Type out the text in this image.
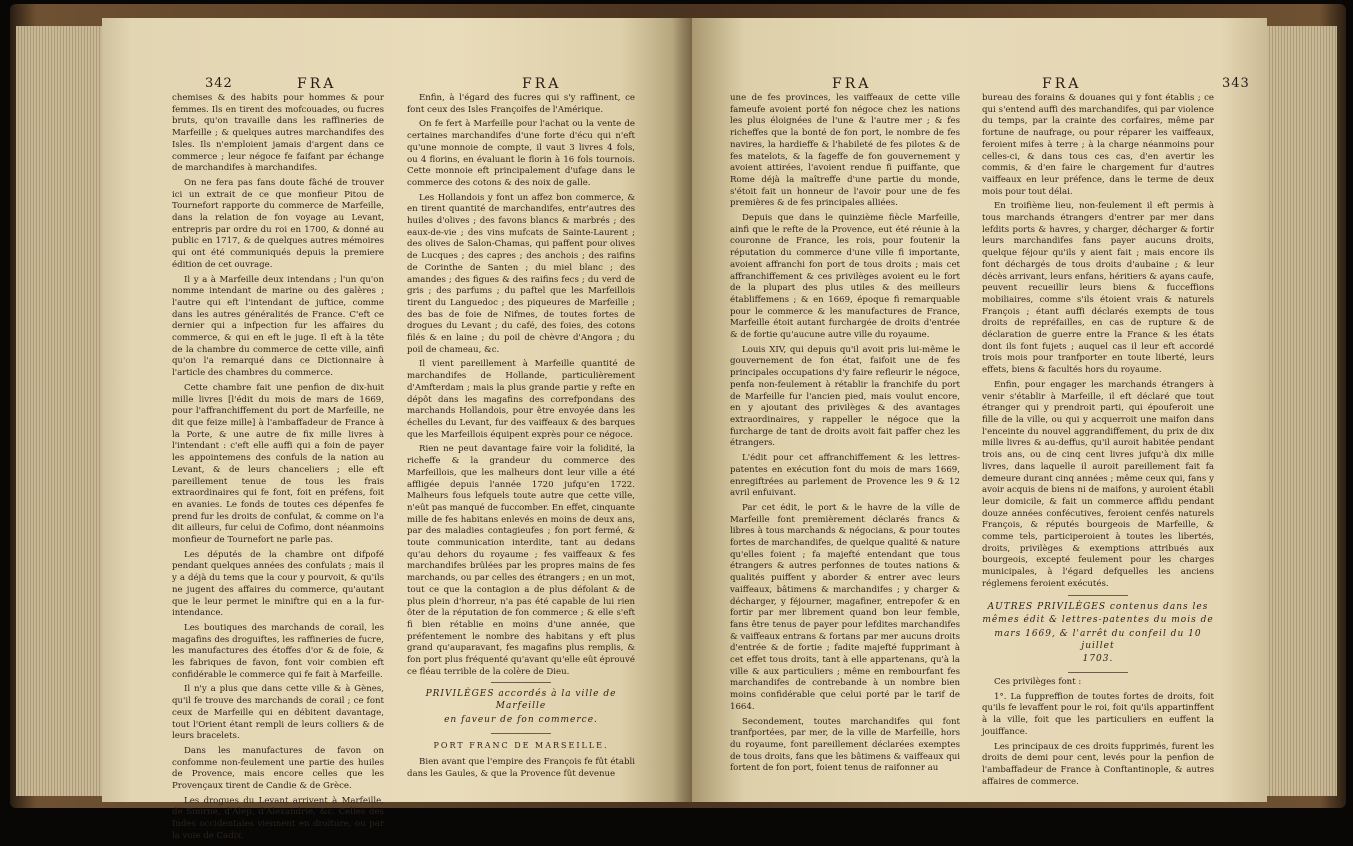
342	FRA	FRA

chemises & des habits pour hommes & pour femmes. Ils en tirent des mofcouades, ou fucres bruts, qu'on travaille dans les raffineries de Marfeille ; & quelques autres marchandifes des Isles. Ils n'emploient jamais d'argent dans ce commerce ; leur négoce fe faifant par échange de marchandifes à marchandifes.

On ne fera pas fans doute fâché de trouver ici un extrait de ce que monfieur Pitou de Tournefort rapporte du commerce de Marfeille, dans la relation de fon voyage au Levant, entrepris par ordre du roi en 1700, & donné au public en 1717, & de quelques autres mémoires qui ont été communiqués depuis la premiere édition de cet ouvrage.

Il y a à Marfeille deux intendans ; l'un qu'on nomme intendant de marine ou des galères ; l'autre qui eft l'intendant de juftice, comme dans les autres généralités de France. C'eft ce dernier qui a infpection fur les affaires du commerce, & qui en eft le juge. Il eft à la tête de la chambre du commerce de cette ville, ainfi qu'on l'a remarqué dans ce Dictionnaire à l'article des chambres du commerce.

Cette chambre fait une penfion de dix-huit mille livres [l'édit du mois de mars de 1669, pour l'affranchiffement du port de Marfeille, ne dit que feize mille] à l'ambaffadeur de France à la Porte, & une autre de fix mille livres à l'intendant : c'eft elle auffi qui a foin de payer les appointemens des confuls de la nation au Levant, & de leurs chanceliers ; elle eft pareillement tenue de tous les frais extraordinaires qui fe font, foit en préfens, foit en avanies. Le fonds de toutes ces dépenfes fe prend fur les droits de confulat, & comme on l'a dit ailleurs, fur celui de Cofimo, dont néanmoins monfieur de Tournefort ne parle pas.

Les députés de la chambre ont difpofé pendant quelques années des confulats ; mais il y a déjà du tems que la cour y pourvoit, & qu'ils ne jugent des affaires du commerce, qu'autant que le leur permet le miniftre qui en a la fur-intendance.

Les boutiques des marchands de corail, les magafins des droguiftes, les raffineries de fucre, les manufactures des étoffes d'or & de foie, & les fabriques de favon, font voir combien eft confidérable le commerce qui fe fait à Marfeille.

Il n'y a plus que dans cette ville & à Gènes, qu'il fe trouve des marchands de corail ; ce font ceux de Marfeille qui en débitent davantage, tout l'Orient étant rempli de leurs colliers & de leurs bracelets.

Dans les manufactures de favon on confomme non-feulement une partie des huiles de Provence, mais encore celles que les Provençaux tirent de Candie & de Grèce.

Les drogues du Levant arrivent à Marfeille, de Smirne, d'Alep, d'Alexandrie, &c. Celles des Indes occidentales viennent en droiture, ou par la voie de Cadix.

Enfin, à l'égard des fucres qui s'y raffinent, ce font ceux des Isles Françoifes de l'Amérique.

On fe fert à Marfeille pour l'achat ou la vente de certaines marchandifes d'une forte d'écu qui n'eft qu'une monnoie de compte, il vaut 3 livres 4 fols, ou 4 florins, en évaluant le florin à 16 fols tournois. Cette monnoie eft principalement d'ufage dans le commerce des cotons & des noix de galle.

Les Hollandois y font un affez bon commerce, & en tirent quantité de marchandifes, entr'autres des huiles d'olives ; des favons blancs & marbrés ; des eaux-de-vie ; des vins mufcats de Sainte-Laurent ; des olives de Salon-Chamas, qui paffent pour olives de Lucques ; des capres ; des anchois ; des raifins de Corinthe de Santen ; du miel blanc ; des amandes ; des figues & des raifins fecs ; du verd de gris ; des parfums ; du paftel que les Marfeillois tirent du Languedoc ; des piqueures de Marfeille ; des bas de foie de Nifmes, de toutes fortes de drogues du Levant ; du café, des foies, des cotons filés & en laine ; du poil de chèvre d'Angora ; du poil de chameau, &c.

Il vient pareillement à Marfeille quantité de marchandifes de Hollande, particulièrement d'Amfterdam ; mais la plus grande partie y refte en dépôt dans les magafins des correfpondans des marchands Hollandois, pour être envoyée dans les échelles du Levant, fur des vaiffeaux & des barques que les Marfeillois équipent exprès pour ce négoce.

Rien ne peut davantage faire voir la folidité, la richeffe & la grandeur du commerce des Marfeillois, que les malheurs dont leur ville a été affligée depuis l'année 1720 jufqu'en 1722. Malheurs fous lefquels toute autre que cette ville, n'eût pas manqué de fuccomber. En effet, cinquante mille de fes habitans enlevés en moins de deux ans, par des maladies contagieufes ; fon port fermé, & toute communication interdite, tant au dedans qu'au dehors du royaume ; fes vaiffeaux & fes marchandifes brûlées par les propres mains de fes marchands, ou par celles des étrangers ; en un mot, tout ce que la contagion a de plus défolant & de plus plein d'horreur, n'a pas été capable de lui rien ôter de la réputation de fon commerce ; & elle s'eft fi bien rétablie en moins d'une année, que préfentement le nombre des habitans y eft plus grand qu'auparavant, fes magafins plus remplis, & fon port plus fréquenté qu'avant qu'elle eût éprouvé ce fléau terrible de la colère de Dieu.

PRIVILÈGES accordés à la ville de Marfeille

en faveur de fon commerce.

PORT FRANC DE MARSEILLE.

Bien avant que l'empire des François fe fût établi dans les Gaules, & que la Provence fût devenue

FRA	FRA	343

une de fes provinces, les vaiffeaux de cette ville fameufe avoient porté fon négoce chez les nations les plus éloignées de l'une & l'autre mer ; & fes richeffes que la bonté de fon port, le nombre de fes navires, la hardieffe & l'habileté de fes pilotes & de fes matelots, & la fageffe de fon gouvernement y avoient attirées, l'avoient rendue fi puiffante, que Rome déjà la maîtreffe d'une partie du monde, s'étoit fait un honneur de l'avoir pour une de fes premières & de fes principales alliées.

Depuis que dans le quinzième fiècle Marfeille, ainfi que le refte de la Provence, eut été réunie à la couronne de France, les rois, pour foutenir la réputation du commerce d'une ville fi importante, avoient affranchi fon port de tous droits ; mais cet affranchiffement & ces privilèges avoient eu le fort de la plupart des plus utiles & des meilleurs établiffemens ; & en 1669, époque fi remarquable pour le commerce & les manufactures de France, Marfeille étoit autant furchargée de droits d'entrée & de fortie qu'aucune autre ville du royaume.

Louis XIV, qui depuis qu'il avoit pris lui-même le gouvernement de fon état, faifoit une de fes principales occupations d'y faire refleurir le négoce, penfa non-feulement à rétablir la franchife du port de Marfeille fur l'ancien pied, mais voulut encore, en y ajoutant des privilèges & des avantages extraordinaires, y rappeller le négoce que la furcharge de tant de droits avoit fait paffer chez les étrangers.

L'édit pour cet affranchiffement & les lettres-patentes en exécution font du mois de mars 1669, enregiftrées au parlement de Provence les 9 & 12 avril enfuivant.

Par cet édit, le port & le havre de la ville de Marfeille font premièrement déclarés francs & libres à tous marchands & négocians, & pour toutes fortes de marchandifes, de quelque qualité & nature qu'elles foient ; fa majefté entendant que tous étrangers & autres perfonnes de toutes nations & qualités puiffent y aborder & entrer avec leurs vaiffeaux, bâtimens & marchandifes ; y charger & décharger, y féjourner, magafiner, entrepofer & en fortir par mer librement quand bon leur femble, fans être tenus de payer pour lefdites marchandifes & vaiffeaux entrans & fortans par mer aucuns droits d'entrée & de fortie ; fadite majefté fupprimant à cet effet tous droits, tant à elle appartenans, qu'à la ville & aux particuliers ; même en rembourfant fes marchandifes de contrebande à un nombre bien moins confidérable que celui porté par le tarif de 1664.

Secondement, toutes marchandifes qui font tranfportées, par mer, de la ville de Marfeille, hors du royaume, font pareillement déclarées exemptes de tous droits, fans que les bâtimens & vaiffeaux qui fortent de fon port, foient tenus de raifonner au

bureau des forains & douanes qui y font établis ; ce qui s'entend auffi des marchandifes, qui par violence du temps, par la crainte des corfaires, même par fortune de naufrage, ou pour réparer les vaiffeaux, feroient mifes à terre ; à la charge néanmoins pour celles-ci, & dans tous ces cas, d'en avertir les commis, & d'en faire le chargement fur d'autres vaiffeaux en leur préfence, dans le terme de deux mois pour tout délai.

En troifième lieu, non-feulement il eft permis à tous marchands étrangers d'entrer par mer dans lefdits ports & havres, y charger, décharger & fortir leurs marchandifes fans payer aucuns droits, quelque féjour qu'ils y aient fait ; mais encore ils font déchargés de tous droits d'aubaine ; & leur décès arrivant, leurs enfans, héritiers & ayans caufe, peuvent recueillir leurs biens & fucceffions mobiliaires, comme s'ils étoient vrais & naturels François ; étant auffi déclarés exempts de tous droits de repréfailles, en cas de rupture & de déclaration de guerre entre la France & les états dont ils font fujets ; auquel cas il leur eft accordé trois mois pour tranfporter en toute liberté, leurs effets, biens & facultés hors du royaume.

Enfin, pour engager les marchands étrangers à venir s'établir à Marfeille, il eft déclaré que tout étranger qui y prendroit parti, qui épouferoit une fille de la ville, ou qui y acquerroit une maifon dans l'enceinte du nouvel aggrandiffement, du prix de dix mille livres & au-deffus, qu'il auroit habitée pendant trois ans, ou de cinq cent livres jufqu'à dix mille livres, dans laquelle il auroit pareillement fait fa demeure durant cinq années ; même ceux qui, fans y avoir acquis de biens ni de maifons, y auroient établi leur domicile, & fait un commerce affidu pendant douze années confécutives, feroient cenfés naturels François, & réputés bourgeois de Marfeille, & comme tels, participeroient à toutes les libertés, droits, privilèges & exemptions attribués aux bourgeois, excepté feulement pour les charges municipales, à l'égard defquelles les anciens réglemens feroient exécutés.

AUTRES PRIVILÈGES contenus dans les

mêmes édit & lettres-patentes du mois de

mars 1669, & l'arrêt du confeil du 10 juillet

1703.

Ces privilèges font :

1°. La fuppreffion de toutes fortes de droits, foit qu'ils fe levaffent pour le roi, foit qu'ils appartinffent à la ville, foit que les particuliers en euffent la jouiffance.

Les principaux de ces droits fupprimés, furent les droits de demi pour cent, levés pour la penfion de l'ambaffadeur de France à Conftantinople, & autres affaires de commerce.
